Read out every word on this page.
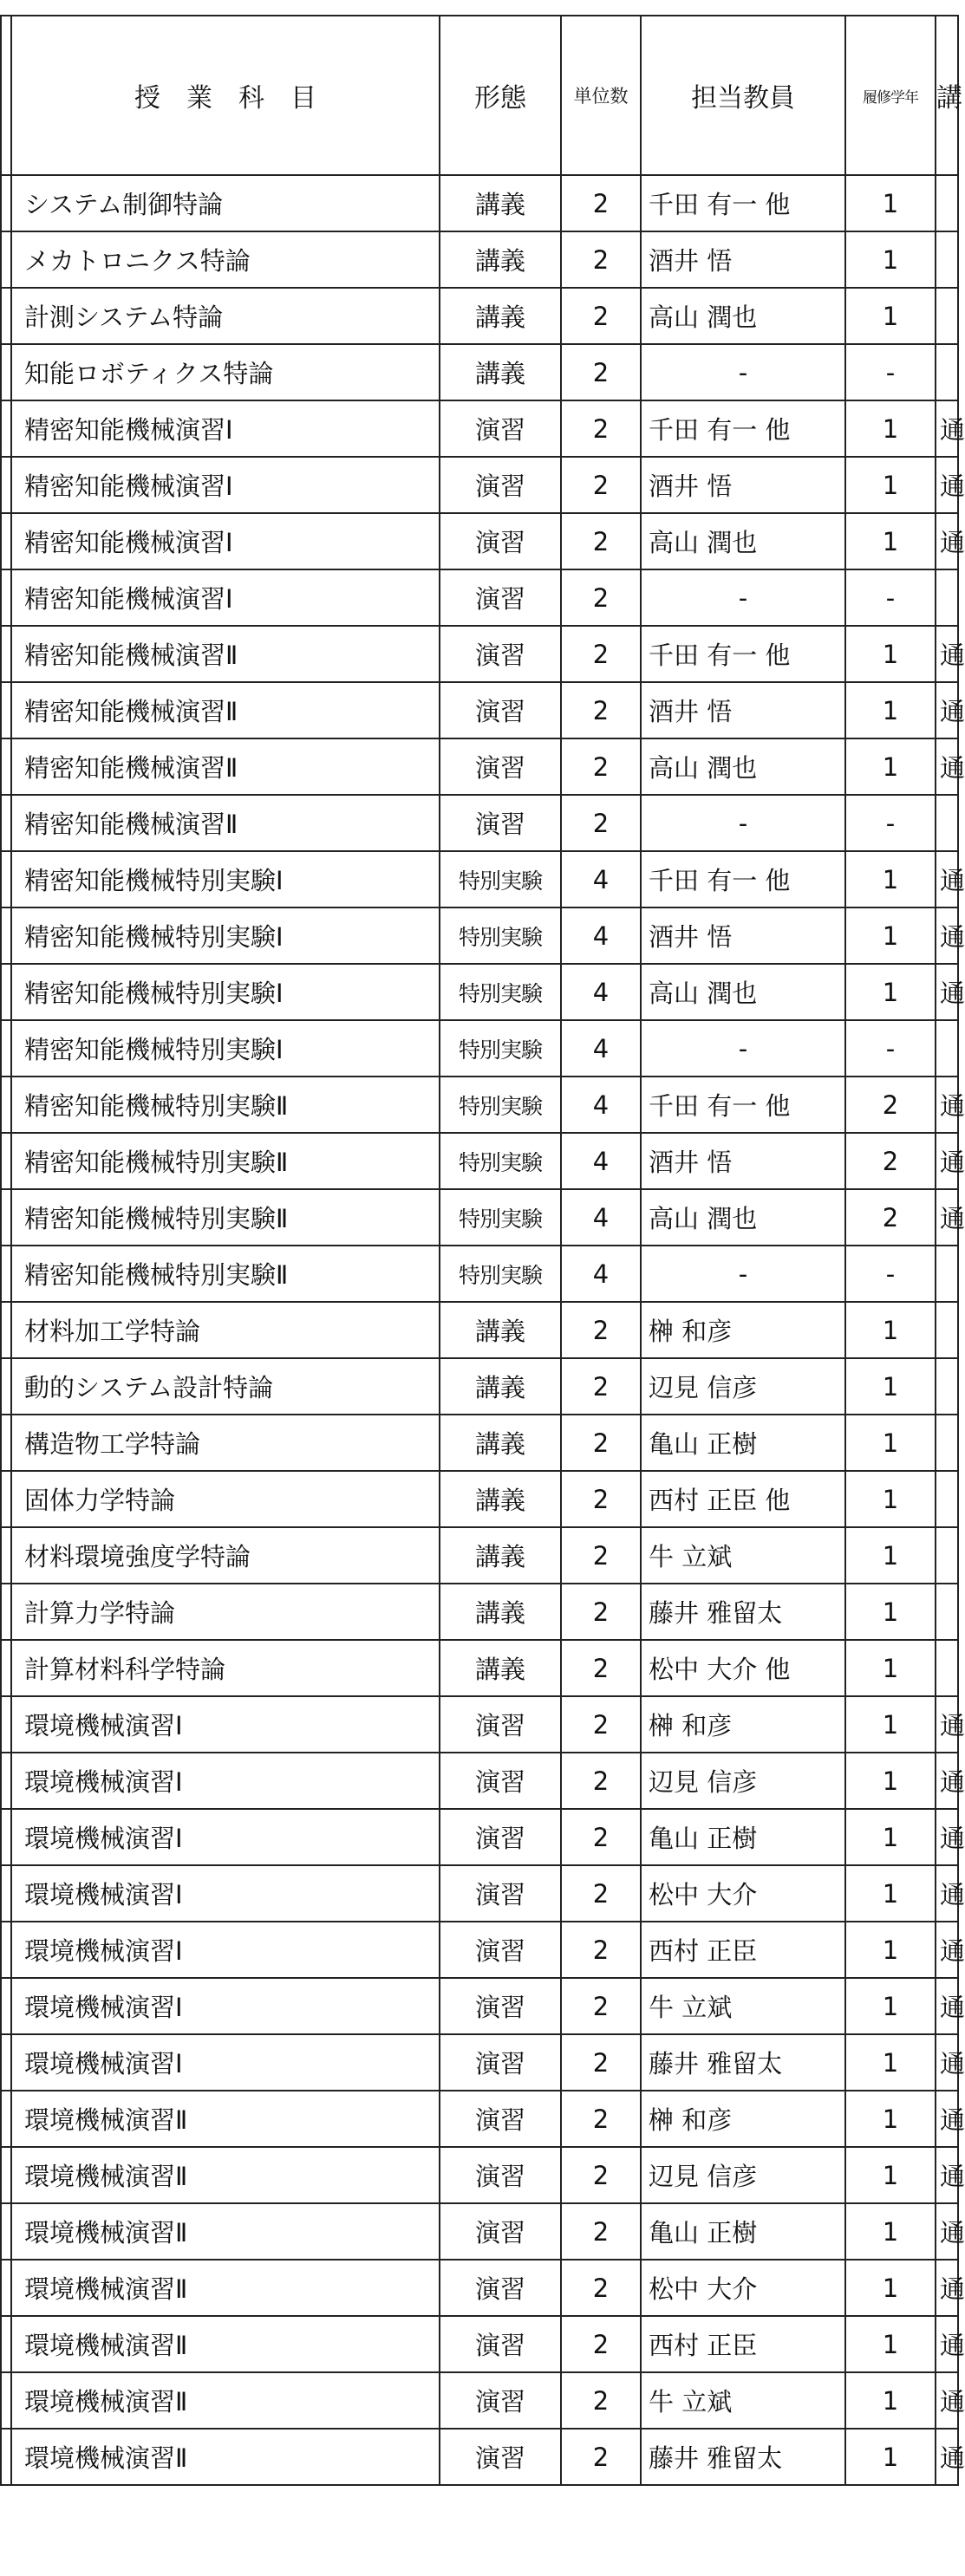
	授　業　科　目	形態	単位数	担当教員	履修学年	講
	システム制御特論	講義	2	千田 有一 他	1	
	メカトロニクス特論	講義	2	酒井 悟	1	
	計測システム特論	講義	2	高山 潤也	1	
	知能ロボティクス特論	講義	2	-	-	
	精密知能機械演習Ⅰ	演習	2	千田 有一 他	1	通
	精密知能機械演習Ⅰ	演習	2	酒井 悟	1	通
	精密知能機械演習Ⅰ	演習	2	高山 潤也	1	通
	精密知能機械演習Ⅰ	演習	2	-	-	
	精密知能機械演習Ⅱ	演習	2	千田 有一 他	1	通
	精密知能機械演習Ⅱ	演習	2	酒井 悟	1	通
	精密知能機械演習Ⅱ	演習	2	高山 潤也	1	通
	精密知能機械演習Ⅱ	演習	2	-	-	
	精密知能機械特別実験Ⅰ	特別実験	4	千田 有一 他	1	通
	精密知能機械特別実験Ⅰ	特別実験	4	酒井 悟	1	通
	精密知能機械特別実験Ⅰ	特別実験	4	高山 潤也	1	通
	精密知能機械特別実験Ⅰ	特別実験	4	-	-	
	精密知能機械特別実験Ⅱ	特別実験	4	千田 有一 他	2	通
	精密知能機械特別実験Ⅱ	特別実験	4	酒井 悟	2	通
	精密知能機械特別実験Ⅱ	特別実験	4	高山 潤也	2	通
	精密知能機械特別実験Ⅱ	特別実験	4	-	-	
	材料加工学特論	講義	2	榊 和彦	1	
	動的システム設計特論	講義	2	辺見 信彦	1	
	構造物工学特論	講義	2	亀山 正樹	1	
	固体力学特論	講義	2	西村 正臣 他	1	
	材料環境強度学特論	講義	2	牛 立斌	1	
	計算力学特論	講義	2	藤井 雅留太	1	
	計算材料科学特論	講義	2	松中 大介 他	1	
	環境機械演習Ⅰ	演習	2	榊 和彦	1	通
	環境機械演習Ⅰ	演習	2	辺見 信彦	1	通
	環境機械演習Ⅰ	演習	2	亀山 正樹	1	通
	環境機械演習Ⅰ	演習	2	松中 大介	1	通
	環境機械演習Ⅰ	演習	2	西村 正臣	1	通
	環境機械演習Ⅰ	演習	2	牛 立斌	1	通
	環境機械演習Ⅰ	演習	2	藤井 雅留太	1	通
	環境機械演習Ⅱ	演習	2	榊 和彦	1	通
	環境機械演習Ⅱ	演習	2	辺見 信彦	1	通
	環境機械演習Ⅱ	演習	2	亀山 正樹	1	通
	環境機械演習Ⅱ	演習	2	松中 大介	1	通
	環境機械演習Ⅱ	演習	2	西村 正臣	1	通
	環境機械演習Ⅱ	演習	2	牛 立斌	1	通
	環境機械演習Ⅱ	演習	2	藤井 雅留太	1	通
